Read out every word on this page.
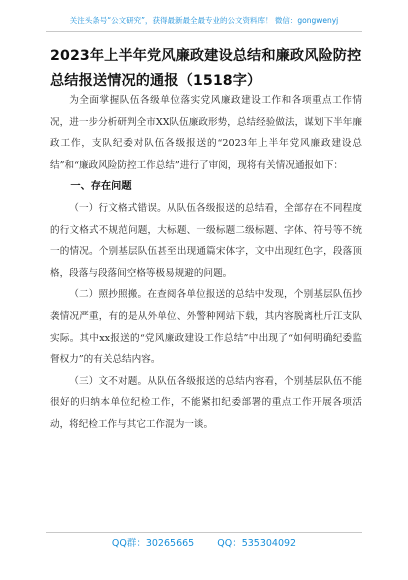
关注头条号“公文研究”，获得最新最全最专业的公文资料库！ 微信：gongwenyj
2023年上半年党风廉政建设总结和廉政风险防控总结报送情况的通报（1518字）

为全面掌握队伍各级单位落实党风廉政建设工作和各项重点工作情况，进一步分析研判全市XX队伍廉政形势，总结经验做法，谋划下半年廉政工作，支队纪委对队伍各级报送的“2023年上半年党风廉政建设总结”和“廉政风险防控工作总结”进行了审阅，现将有关情况通报如下：

一、存在问题

（一）行文格式错误。从队伍各级报送的总结看，全部存在不同程度的行文格式不规范问题，大标题、一级标题二级标题、字体、符号等不统一的情况。个别基层队伍甚至出现通篇宋体字，文中出现红色字，段落顶格，段落与段落间空格等极易规避的问题。

（二）照抄照搬。在查阅各单位报送的总结中发现，个别基层队伍抄袭情况严重，有的是从外单位、外警种网站下载，其内容脱离杜斤江支队实际。其中xx报送的“党风廉政建设工作总结”中出现了“如何明确纪委监督权力”的有关总结内容。

（三）文不对题。从队伍各级报送的总结内容看，个别基层队伍不能很好的归纳本单位纪检工作，不能紧扣纪委部署的重点工作开展各项活动，将纪检工作与其它工作混为一谈。

QQ群：30265665 QQ：535304092
